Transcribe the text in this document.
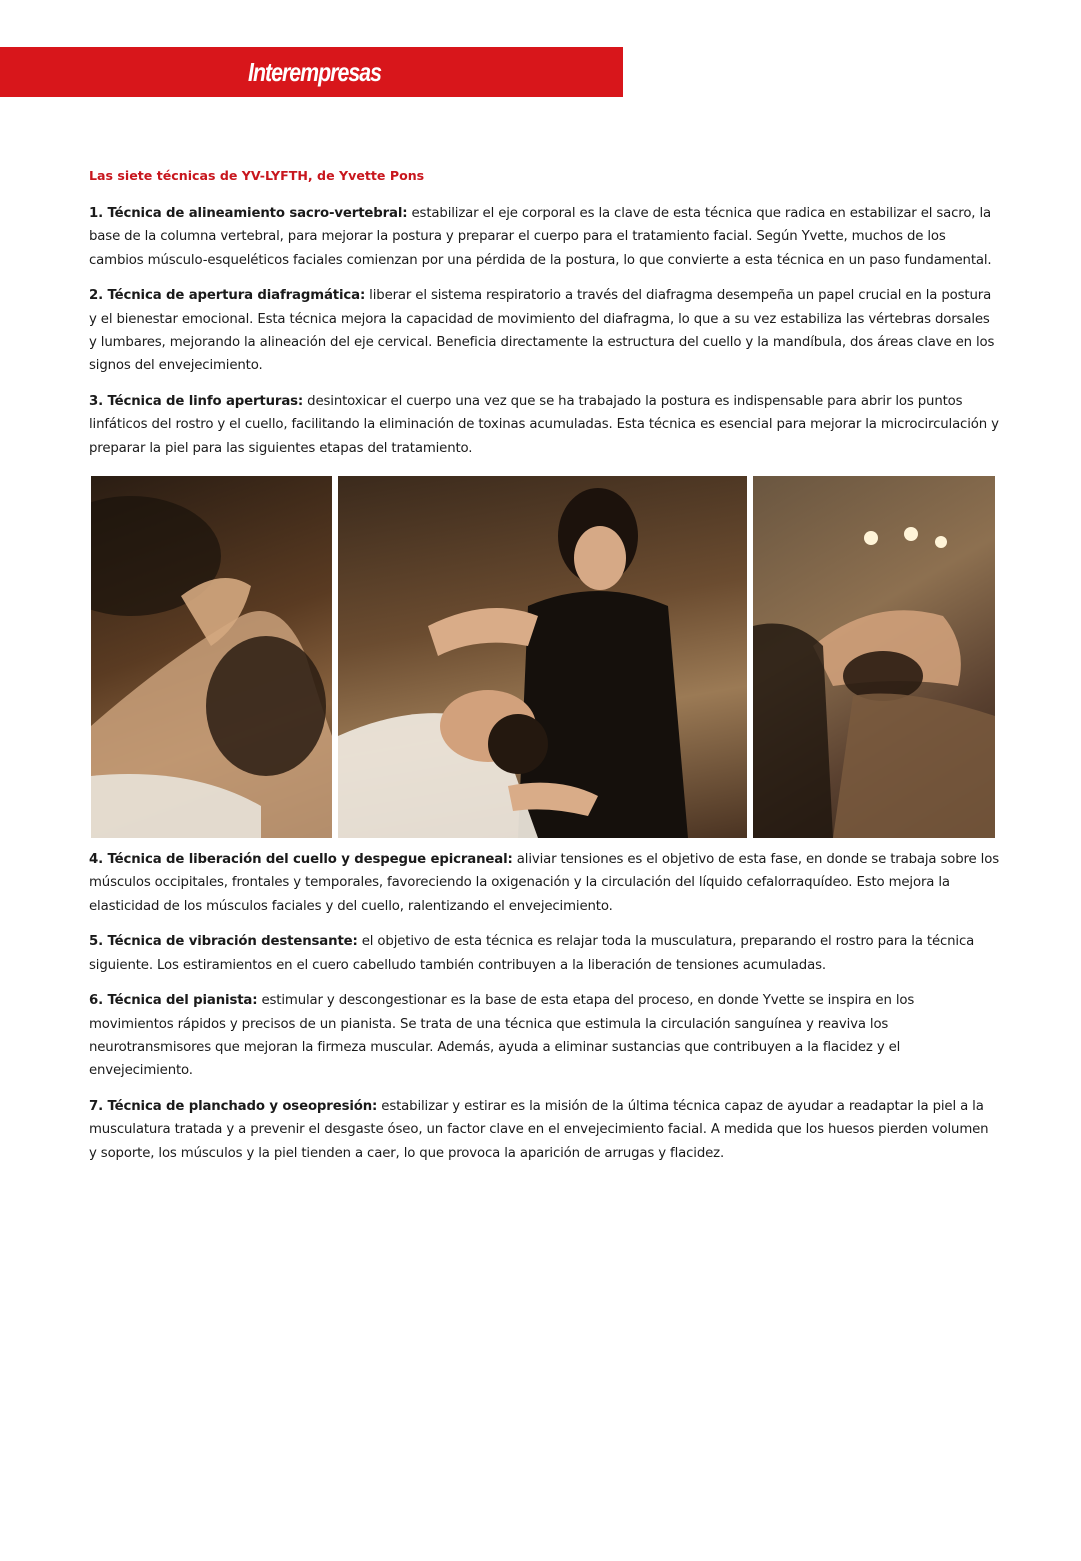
Interempresas
Las siete técnicas de YV-LYFTH, de Yvette Pons

1. Técnica de alineamiento sacro-vertebral: estabilizar el eje corporal es la clave de esta técnica que radica en estabilizar el sacro, la base de la columna vertebral, para mejorar la postura y preparar el cuerpo para el tratamiento facial. Según Yvette, muchos de los cambios músculo-esqueléticos faciales comienzan por una pérdida de la postura, lo que convierte a esta técnica en un paso fundamental.

2. Técnica de apertura diafragmática: liberar el sistema respiratorio a través del diafragma desempeña un papel crucial en la postura y el bienestar emocional. Esta técnica mejora la capacidad de movimiento del diafragma, lo que a su vez estabiliza las vértebras dorsales y lumbares, mejorando la alineación del eje cervical. Beneficia directamente la estructura del cuello y la mandíbula, dos áreas clave en los signos del envejecimiento.

3. Técnica de linfo aperturas: desintoxicar el cuerpo una vez que se ha trabajado la postura es indispensable para abrir los puntos linfáticos del rostro y el cuello, facilitando la eliminación de toxinas acumuladas. Esta técnica es esencial para mejorar la microcirculación y preparar la piel para las siguientes etapas del tratamiento.

4. Técnica de liberación del cuello y despegue epicraneal: aliviar tensiones es el objetivo de esta fase, en donde se trabaja sobre los músculos occipitales, frontales y temporales, favoreciendo la oxigenación y la circulación del líquido cefalorraquídeo. Esto mejora la elasticidad de los músculos faciales y del cuello, ralentizando el envejecimiento.

5. Técnica de vibración destensante: el objetivo de esta técnica es relajar toda la musculatura, preparando el rostro para la técnica siguiente. Los estiramientos en el cuero cabelludo también contribuyen a la liberación de tensiones acumuladas.

6. Técnica del pianista: estimular y descongestionar es la base de esta etapa del proceso, en donde Yvette se inspira en los movimientos rápidos y precisos de un pianista. Se trata de una técnica que estimula la circulación sanguínea y reaviva los neurotransmisores que mejoran la firmeza muscular. Además, ayuda a eliminar sustancias que contribuyen a la flacidez y el envejecimiento.

7. Técnica de planchado y oseopresión: estabilizar y estirar es la misión de la última técnica capaz de ayudar a readaptar la piel a la musculatura tratada y a prevenir el desgaste óseo, un factor clave en el envejecimiento facial. A medida que los huesos pierden volumen y soporte, los músculos y la piel tienden a caer, lo que provoca la aparición de arrugas y flacidez.
